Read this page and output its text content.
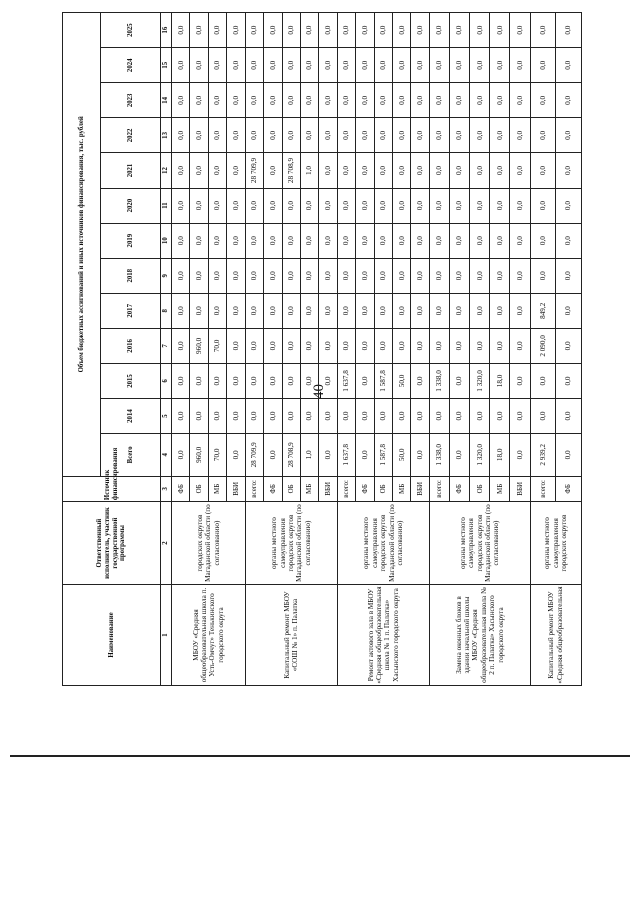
40
Наименование	Ответственный исполнитель, участник государственной программы	Источник финансирования	Объем бюджетных ассигнований и иных источников финансирования, тыс. рублей												
			Всего	2014	2015	2016	2017	2018	2019	2020	2021	2022	2023	2024	2025
1	2	3	4	5	6	7	8	9	10	11	12	13	14	15	16
МБОУ «Средняя общеобразовательная школа п. Усть-Омчуг» Тенькинского городского округа	городских округов Магаданской области (по согласованию)	ФБ	0,0	0,0	0,0	0,0	0,0	0,0	0,0	0,0	0,0	0,0	0,0	0,0	0,0
		ОБ	960,0	0,0	0,0	960,0	0,0	0,0	0,0	0,0	0,0	0,0	0,0	0,0	0,0
		МБ	70,0	0,0	0,0	70,0	0,0	0,0	0,0	0,0	0,0	0,0	0,0	0,0	0,0
		ВБИ	0,0	0,0	0,0	0,0	0,0	0,0	0,0	0,0	0,0	0,0	0,0	0,0	0,0
Капитальный ремонт МБОУ «СОШ № 1» п. Палатка	органы местного самоуправления городских округов Магаданской области (по согласованию)	всего:	28 709,9	0,0	0,0	0,0	0,0	0,0	0,0	0,0	28 709,9	0,0	0,0	0,0	0,0
		ФБ	0,0	0,0	0,0	0,0	0,0	0,0	0,0	0,0	0,0	0,0	0,0	0,0	0,0
		ОБ	28 708,9	0,0	0,0	0,0	0,0	0,0	0,0	0,0	28 708,9	0,0	0,0	0,0	0,0
		МБ	1,0	0,0	0,0	0,0	0,0	0,0	0,0	0,0	1,0	0,0	0,0	0,0	0,0
		ВБИ	0,0	0,0	0,0	0,0	0,0	0,0	0,0	0,0	0,0	0,0	0,0	0,0	0,0
Ремонт актового зала в МБОУ «Средняя общеобразовательная школа № 1 п. Палатка» Хасынского городского округа	органы местного самоуправления городских округов Магаданской области (по согласованию)	всего:	1 637,8	0,0	1 637,8	0,0	0,0	0,0	0,0	0,0	0,0	0,0	0,0	0,0	0,0
		ФБ	0,0	0,0	0,0	0,0	0,0	0,0	0,0	0,0	0,0	0,0	0,0	0,0	0,0
		ОБ	1 587,8	0,0	1 587,8	0,0	0,0	0,0	0,0	0,0	0,0	0,0	0,0	0,0	0,0
		МБ	50,0	0,0	50,0	0,0	0,0	0,0	0,0	0,0	0,0	0,0	0,0	0,0	0,0
		ВБИ	0,0	0,0	0,0	0,0	0,0	0,0	0,0	0,0	0,0	0,0	0,0	0,0	0,0
Замена оконных блоков в здании начальной школы МБОУ «Средняя общеобразовательная школа № 2 п. Палатка» Хасынского городского округа	органы местного самоуправления городских округов Магаданской области (по согласованию)	всего:	1 338,0	0,0	1 338,0	0,0	0,0	0,0	0,0	0,0	0,0	0,0	0,0	0,0	0,0
		ФБ	0,0	0,0	0,0	0,0	0,0	0,0	0,0	0,0	0,0	0,0	0,0	0,0	0,0
		ОБ	1 320,0	0,0	1 320,0	0,0	0,0	0,0	0,0	0,0	0,0	0,0	0,0	0,0	0,0
		МБ	18,0	0,0	18,0	0,0	0,0	0,0	0,0	0,0	0,0	0,0	0,0	0,0	0,0
		ВБИ	0,0	0,0	0,0	0,0	0,0	0,0	0,0	0,0	0,0	0,0	0,0	0,0	0,0
Капитальный ремонт МБОУ «Средняя общеобразовательная	органы местного самоуправления городских округов	всего:	2 939,2	0,0	0,0	2 090,0	849,2	0,0	0,0	0,0	0,0	0,0	0,0	0,0	0,0
		ФБ	0,0	0,0	0,0	0,0	0,0	0,0	0,0	0,0	0,0	0,0	0,0	0,0	0,0
